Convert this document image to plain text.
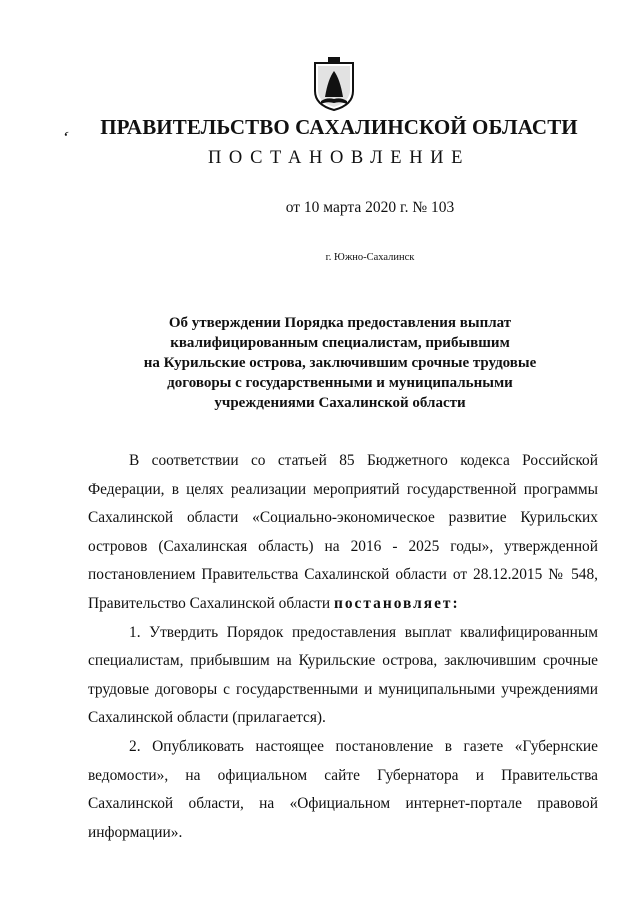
ʻ	ПРАВИТЕЛЬСТВО САХАЛИНСКОЙ ОБЛАСТИ
ПОСТАНОВЛЕНИЕ
от 10 марта 2020 г. № 103
г. Южно-Сахалинск
Об утверждении Порядка предоставления выплат
квалифицированным специалистам, прибывшим
на Курильские острова, заключившим срочные трудовые
договоры с государственными и муниципальными
учреждениями Сахалинской области

В соответствии со статьей 85 Бюджетного кодекса Российской Федерации, в целях реализации мероприятий государственной программы Сахалинской области «Социально-экономическое развитие Курильских островов (Сахалинская область) на 2016 - 2025 годы», утвержденной постановлением Правительства Сахалинской области от 28.12.2015 № 548, Правительство Сахалинской области постановляет:

1. Утвердить Порядок предоставления выплат квалифицированным специалистам, прибывшим на Курильские острова, заключившим срочные трудовые договоры с государственными и муниципальными учреждениями Сахалинской области (прилагается).

2. Опубликовать настоящее постановление в газете «Губернские ведомости», на официальном сайте Губернатора и Правительства Сахалинской области, на «Официальном интернет-портале правовой информации».
